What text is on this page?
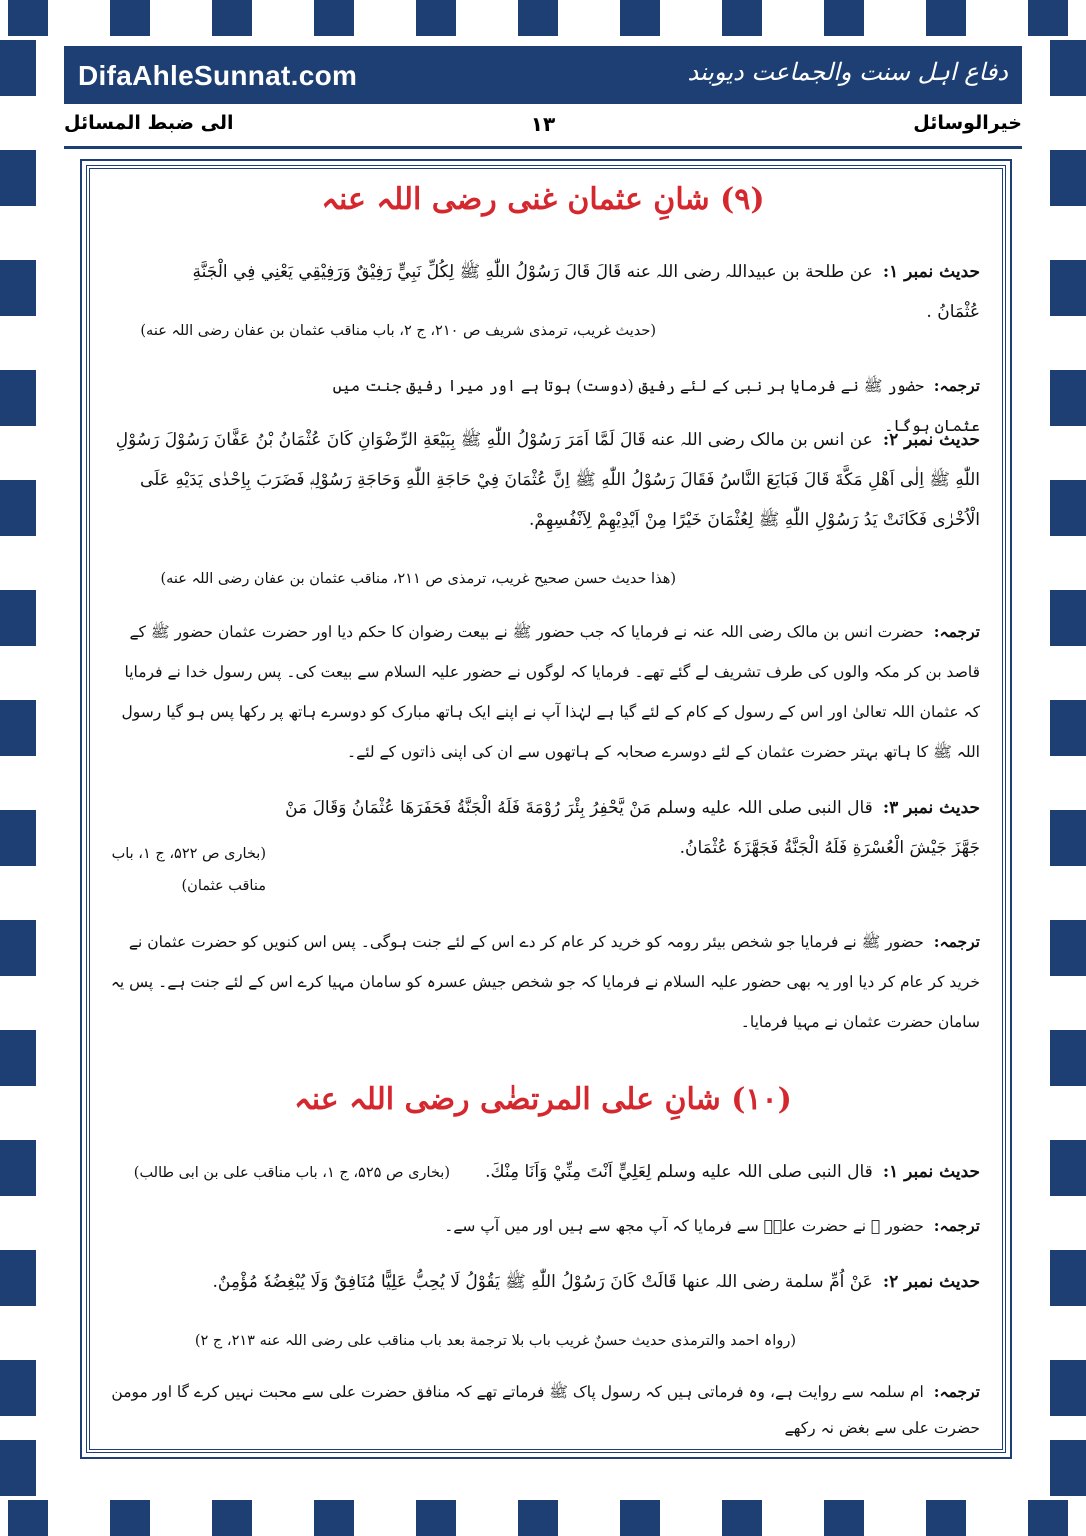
DifaAhleSunnat.com	دفاع اہل سنت والجماعت دیوبند
الی ضبط المسائل	۱۳	خیرالوسائل
(۹) شانِ عثمان غنی رضی اللہ عنہ
حدیث نمبر ۱:عن طلحة بن عبیداللہ رضی اللہ عنه قَالَ قَالَ رَسُوْلُ اللّٰهِ ﷺ لِكُلِّ نَبِيٍّ رَفِيْقٌ وَرَفِيْقِي يَعْنِي فِي الْجَنَّةِ عُثْمَانُ .
(حدیث غریب، ترمذی شریف ص ۲۱۰، ج ۲، باب مناقب عثمان بن عفان رضی اللہ عنه)
ترجمہ:حضور ﷺ نے فرمایا ہر نبی کے لئے رفیق (دوست) ہوتا ہے اور میرا رفیق جنت میں عثمان ہوگا۔
حدیث نمبر ۲:عن انس بن مالک رضی اللہ عنه قَالَ لَمَّا اَمَرَ رَسُوْلُ اللّٰهِ ﷺ بِبَيْعَةِ الرِّضْوَانِ كَانَ عُثْمَانُ بْنُ عَفَّانَ رَسُوْلَ رَسُوْلِ اللّٰهِ ﷺ اِلٰى اَهْلِ مَكَّةَ قَالَ فَبَايَعَ النَّاسُ فَقَالَ رَسُوْلُ اللّٰهِ ﷺ اِنَّ عُثْمَانَ فِيْ حَاجَةِ اللّٰهِ وَحَاجَةِ رَسُوْلِهٖ فَضَرَبَ بِاِحْدٰى يَدَيْهِ عَلَى الْاُخْرٰى فَكَانَتْ يَدُ رَسُوْلِ اللّٰهِ ﷺ لِعُثْمَانَ خَيْرًا مِنْ اَيْدِيْهِمْ لِاَنْفُسِهِمْ.
(ھذا حدیث حسن صحیح غریب، ترمذی ص ۲۱۱، مناقب عثمان بن عفان رضی اللہ عنه)
ترجمہ:حضرت انس بن مالک رضی اللہ عنہ نے فرمایا کہ جب حضور ﷺ نے بیعت رضوان کا حکم دیا اور حضرت عثمان حضور ﷺ کے قاصد بن کر مکہ والوں کی طرف تشریف لے گئے تھے۔ فرمایا کہ لوگوں نے حضور علیہ السلام سے بیعت کی۔ پس رسول خدا نے فرمایا کہ عثمان اللہ تعالیٰ اور اس کے رسول کے کام کے لئے گیا ہے لہٰذا آپ نے اپنے ایک ہاتھ مبارک کو دوسرے ہاتھ پر رکھا پس ہو گیا رسول اللہ ﷺ کا ہاتھ بہتر حضرت عثمان کے لئے دوسرے صحابہ کے ہاتھوں سے ان کی اپنی ذاتوں کے لئے۔
حدیث نمبر ۳:قال النبی صلی اللہ علیه وسلم مَنْ يَّحْفِرُ بِئْرَ رُوْمَةَ فَلَهُ الْجَنَّةُ فَحَفَرَهَا عُثْمَانُ وَقَالَ مَنْ جَهَّزَ جَيْشَ الْعُسْرَةِ فَلَهُ الْجَنَّةُ فَجَهَّزَهٗ عُثْمَانُ.
(بخاری ص ۵۲۲، ج ۱، باب مناقب عثمان)
ترجمہ:حضور ﷺ نے فرمایا جو شخص بیئر رومہ کو خرید کر عام کر دے اس کے لئے جنت ہوگی۔ پس اس کنویں کو حضرت عثمان نے خرید کر عام کر دیا اور یہ بھی حضور علیہ السلام نے فرمایا کہ جو شخص جیش عسرہ کو سامان مہیا کرے اس کے لئے جنت ہے۔ پس یہ سامان حضرت عثمان نے مہیا فرمایا۔
(۱۰) شانِ علی المرتضٰی رضی اللہ عنہ
حدیث نمبر ۱:قال النبی صلی اللہ علیه وسلم لِعَلِيٍّ اَنْتَ مِنِّيْ وَاَنَا مِنْكَ.
(بخاری ص ۵۲۵، ج ۱، باب مناقب علی بن ابی طالب)
ترجمہ:حضور ﷺ نے حضرت علیؓ سے فرمایا کہ آپ مجھ سے ہیں اور میں آپ سے۔
حدیث نمبر ۲:عَنْ اُمِّ سلمة رضی اللہ عنها قَالَتْ كَانَ رَسُوْلُ اللّٰهِ ﷺ يَقُوْلُ لَا يُحِبُّ عَلِيًّا مُنَافِقٌ وَلَا يُبْغِضُهٗ مُؤْمِنٌ.
(رواہ احمد والترمذی حدیث حسنٌ غریب باب بلا ترجمة بعد باب مناقب علی رضی اللہ عنه ۲۱۳، ج ۲)
ترجمہ:ام سلمہ سے روایت ہے، وہ فرماتی ہیں کہ رسول پاک ﷺ فرماتے تھے کہ منافق حضرت علی سے محبت نہیں کرے گا اور مومن حضرت علی سے بغض نہ رکھے
